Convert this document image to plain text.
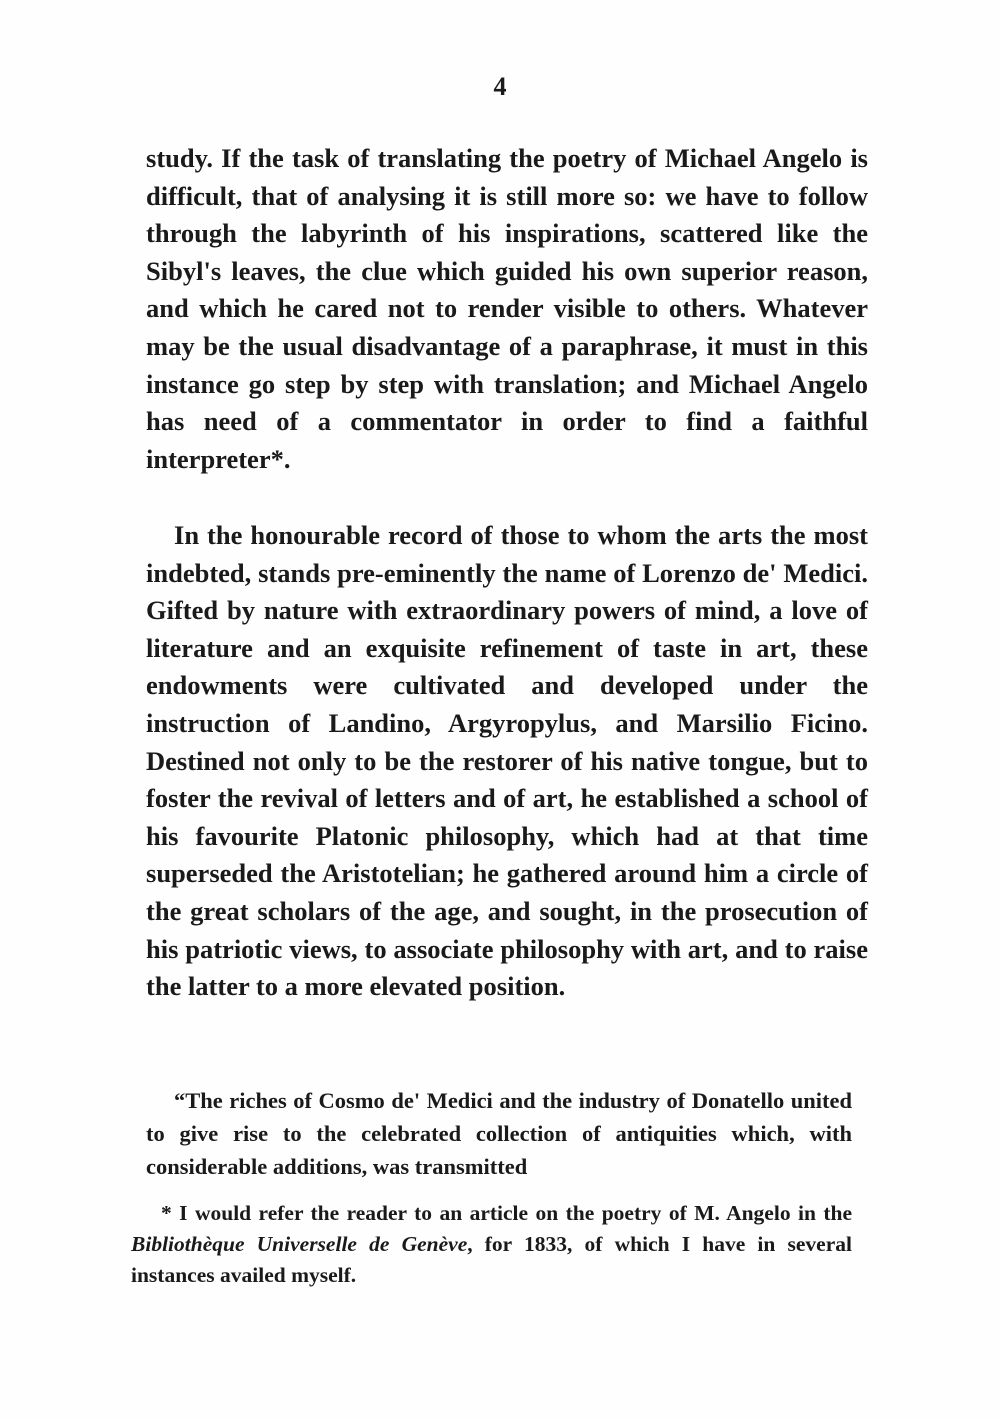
4

study. If the task of translating the poetry of Michael Angelo is difficult, that of analysing it is still more so: we have to follow through the labyrinth of his inspirations, scattered like the Sibyl's leaves, the clue which guided his own superior reason, and which he cared not to render visible to others. Whatever may be the usual disadvantage of a paraphrase, it must in this instance go step by step with translation; and Michael Angelo has need of a commentator in order to find a faithful interpreter*.

In the honourable record of those to whom the arts the most indebted, stands pre-eminently the name of Lorenzo de' Medici. Gifted by nature with extraordinary powers of mind, a love of literature and an exquisite refinement of taste in art, these endowments were cultivated and developed under the instruction of Landino, Argyropylus, and Marsilio Ficino. Destined not only to be the restorer of his native tongue, but to foster the revival of letters and of art, he established a school of his favourite Platonic philosophy, which had at that time superseded the Aristotelian; he gathered around him a circle of the great scholars of the age, and sought, in the prosecution of his patriotic views, to associate philosophy with art, and to raise the latter to a more elevated position.

“The riches of Cosmo de' Medici and the industry of Donatello united to give rise to the celebrated collection of antiquities which, with considerable additions, was transmitted
* I would refer the reader to an article on the poetry of M. Angelo in the Bibliothèque Universelle de Genève, for 1833, of which I have in several instances availed myself.
